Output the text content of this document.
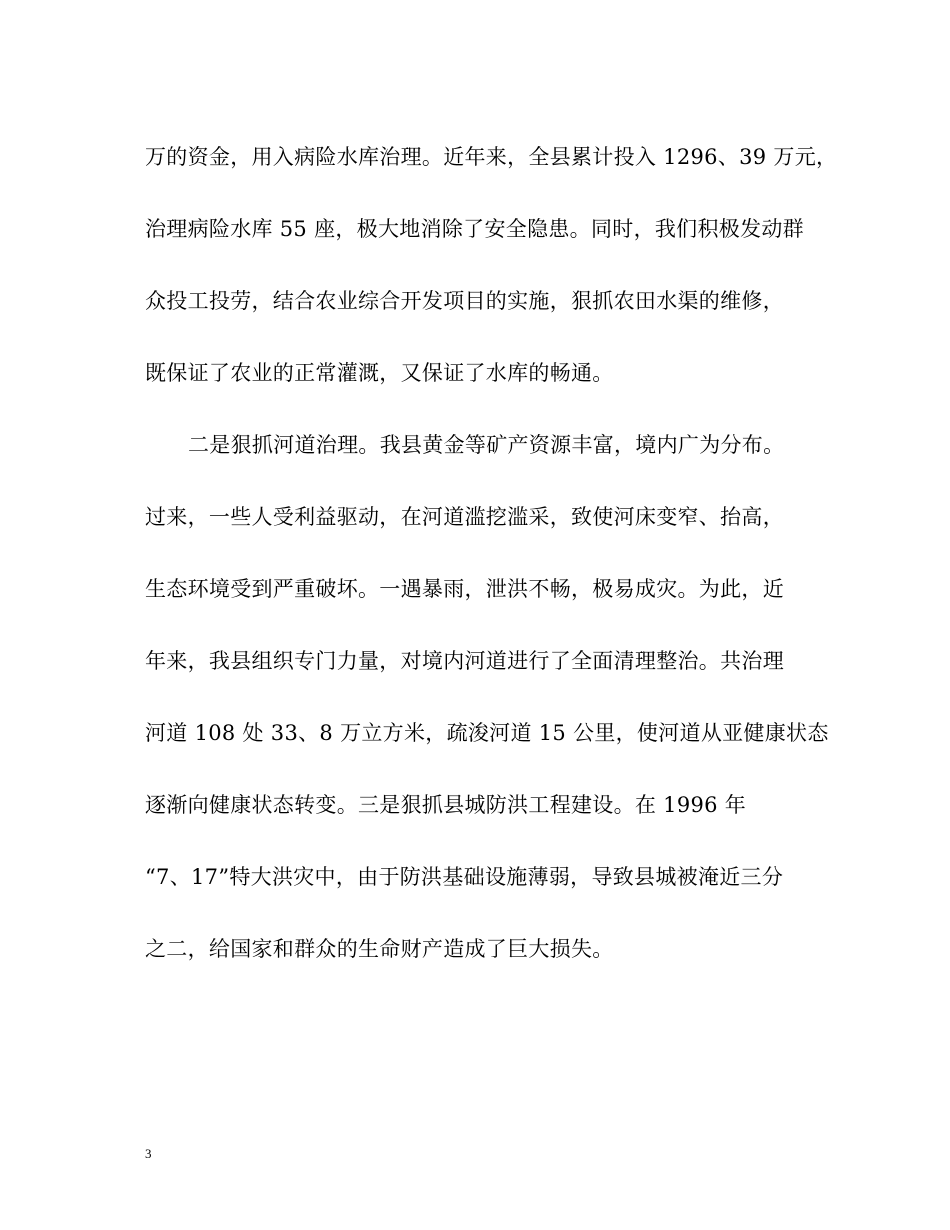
万的资金，用入病险水库治理。近年来，全县累计投入 1296、39 万元，
治理病险水库 55 座，极大地消除了安全隐患。同时，我们积极发动群
众投工投劳，结合农业综合开发项目的实施，狠抓农田水渠的维修，
既保证了农业的正常灌溉，又保证了水库的畅通。
二是狠抓河道治理。我县黄金等矿产资源丰富，境内广为分布。
过来，一些人受利益驱动，在河道滥挖滥采，致使河床变窄、抬高，
生态环境受到严重破坏。一遇暴雨，泄洪不畅，极易成灾。为此，近
年来，我县组织专门力量，对境内河道进行了全面清理整治。共治理
河道 108 处 33、8 万立方米，疏浚河道 15 公里，使河道从亚健康状态
逐渐向健康状态转变。三是狠抓县城防洪工程建设。在 1996 年
“7、17”特大洪灾中，由于防洪基础设施薄弱，导致县城被淹近三分
之二，给国家和群众的生命财产造成了巨大损失。
3
